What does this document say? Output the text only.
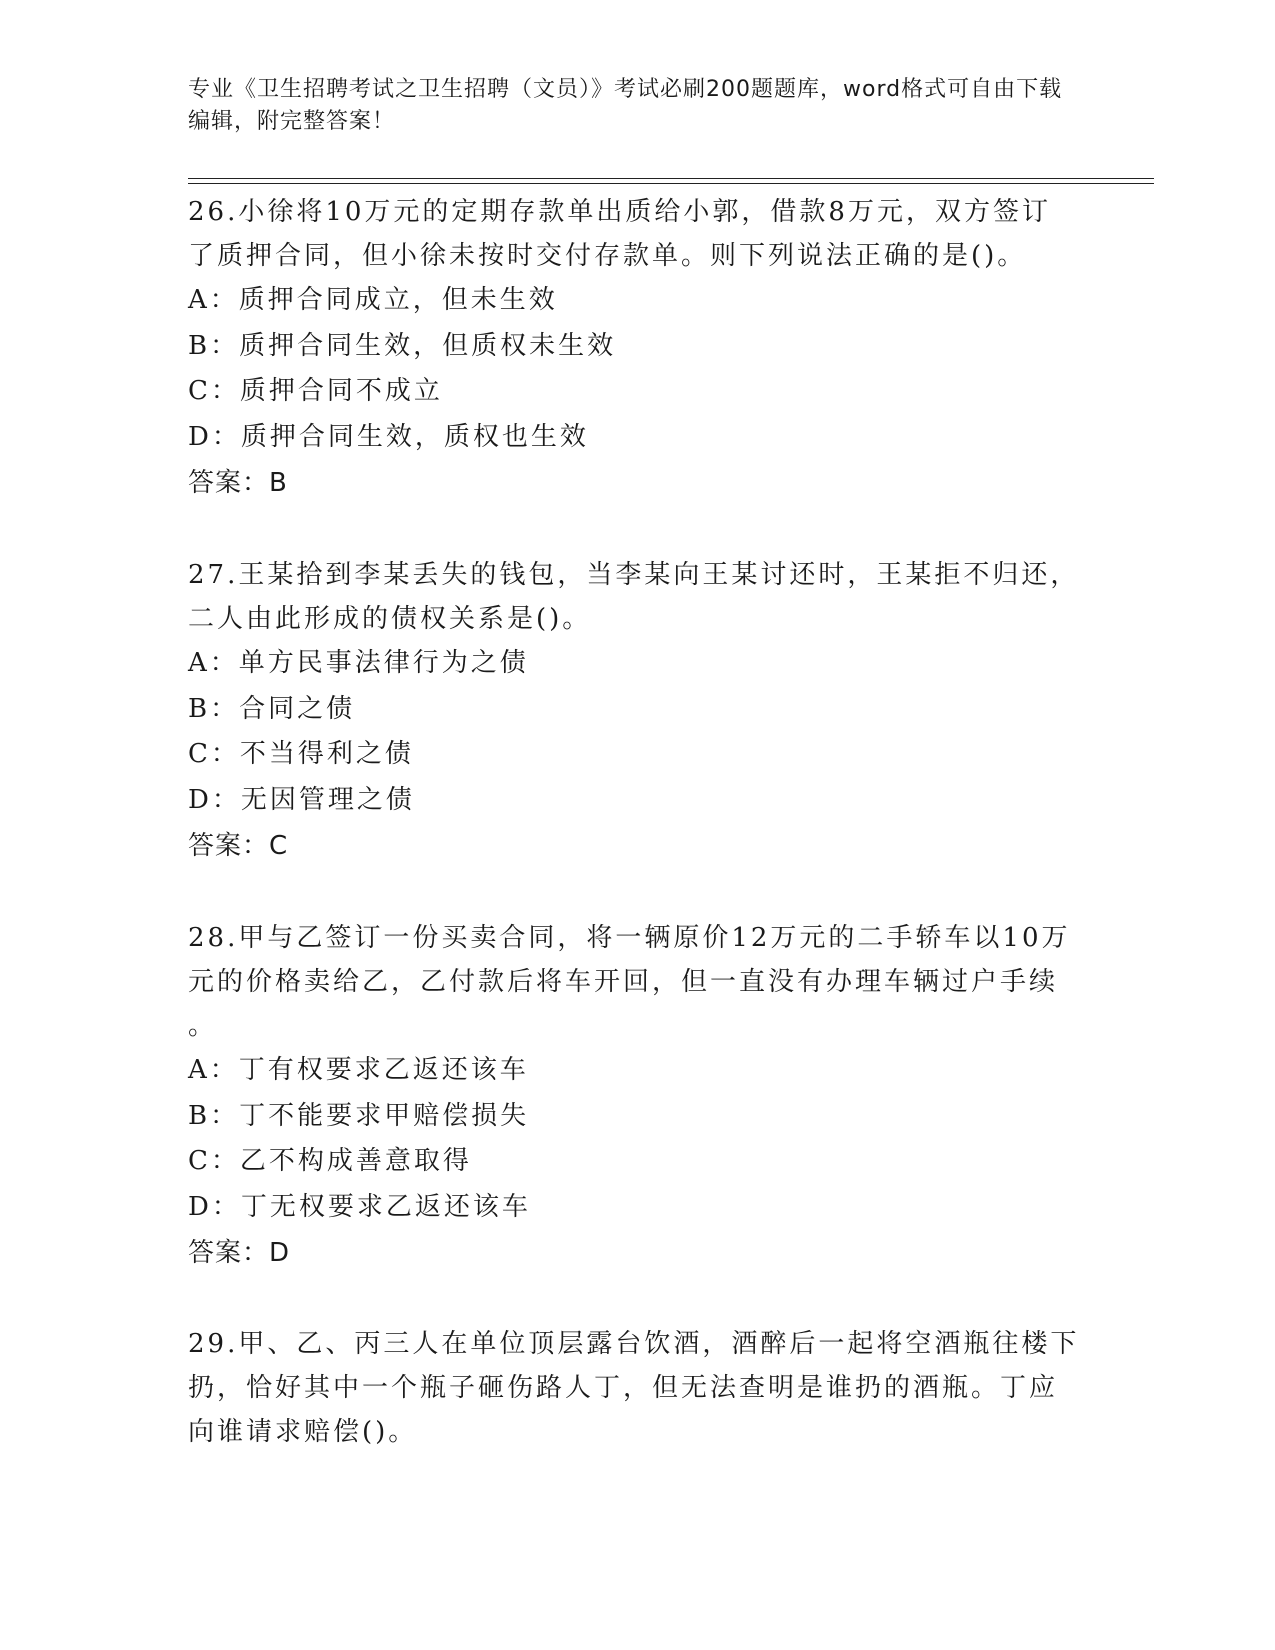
专业《卫生招聘考试之卫生招聘（文员）》考试必刷200题题库，word格式可自由下载编辑，附完整答案！
26.小徐将10万元的定期存款单出质给小郭，借款8万元，双方签订
了质押合同，但小徐未按时交付存款单。则下列说法正确的是()。
A：质押合同成立，但未生效
B：质押合同生效，但质权未生效
C：质押合同不成立
D：质押合同生效，质权也生效
答案：B
27.王某拾到李某丢失的钱包，当李某向王某讨还时，王某拒不归还，
二人由此形成的债权关系是()。
A：单方民事法律行为之债
B：合同之债
C：不当得利之债
D：无因管理之债
答案：C
28.甲与乙签订一份买卖合同，将一辆原价12万元的二手轿车以10万
元的价格卖给乙，乙付款后将车开回，但一直没有办理车辆过户手续
。
A：丁有权要求乙返还该车
B：丁不能要求甲赔偿损失
C：乙不构成善意取得
D：丁无权要求乙返还该车
答案：D
29.甲、乙、丙三人在单位顶层露台饮酒，酒醉后一起将空酒瓶往楼下
扔，恰好其中一个瓶子砸伤路人丁，但无法查明是谁扔的酒瓶。丁应
向谁请求赔偿()。
